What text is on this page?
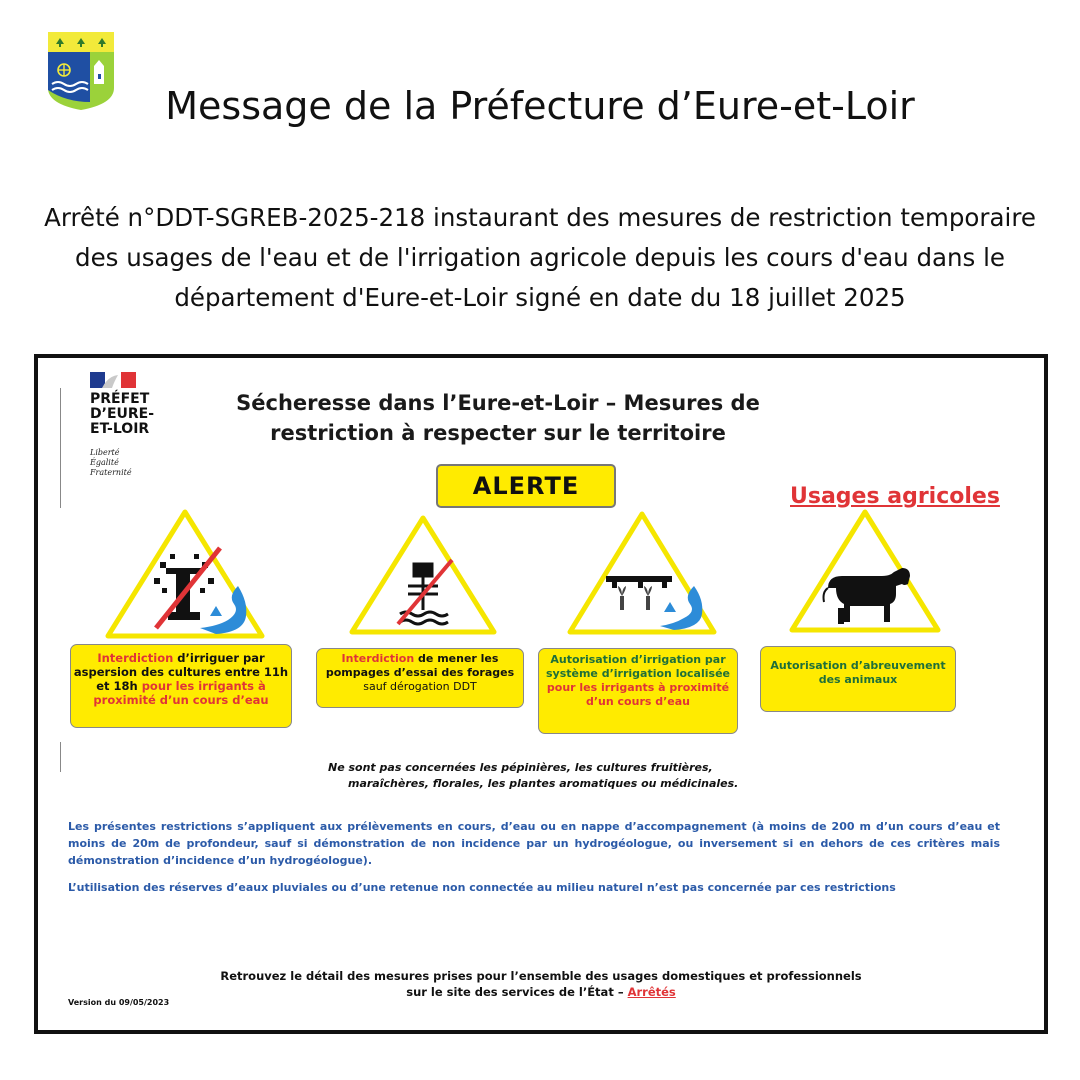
Message de la Préfecture d’Eure-et-Loir

Arrêté n°DDT-SGREB-2025-218 instaurant des mesures de restriction temporaire
des usages de l'eau et de l'irrigation agricole depuis les cours d'eau dans le
département d'Eure-et-Loir signé en date du 18 juillet 2025

PRÉFET
D’EURE-
ET-LOIR
Liberté
Égalité
Fraternité
Sécheresse dans l’Eure-et-Loir – Mesures de
restriction à respecter sur le territoire
ALERTE	Usages agricoles
Interdiction d’irriguer par aspersion des cultures entre 11h et 18h pour les irrigants à proximité d’un cours d’eau
Interdiction de mener les pompages d’essai des forages sauf dérogation DDT
Autorisation d’irrigation par système d’irrigation localisée pour les irrigants à proximité d’un cours d’eau
Autorisation d’abreuvement des animaux
Ne sont pas concernées les pépinières, les cultures fruitières,
maraîchères, florales, les plantes aromatiques ou médicinales.
Les présentes restrictions s’appliquent aux prélèvements en cours, d’eau ou en nappe d’accompagnement (à moins de 200 m d’un cours d’eau et moins de 20m de profondeur, sauf si démonstration de non incidence par un hydrogéologue, ou inversement si en dehors de ces critères mais démonstration d’incidence d’un hydrogéologue).
L’utilisation des réserves d’eaux pluviales ou d’une retenue non connectée au milieu naturel n’est pas concernée par ces restrictions
Retrouvez le détail des mesures prises pour l’ensemble des usages domestiques et professionnels
sur le site des services de l’État – Arrêtés
Version du 09/05/2023
